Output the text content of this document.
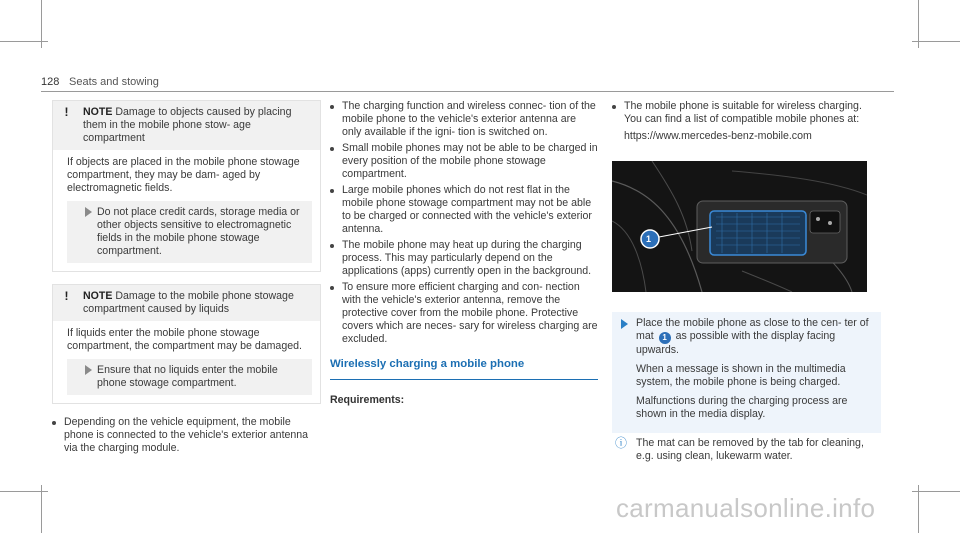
128 Seats and stowing
!	NOTE Damage to objects caused by placing them in the mobile phone stow- age compartment

If objects are placed in the mobile phone stowage compartment, they may be dam- aged by electromagnetic fields.

Do not place credit cards, storage media or other objects sensitive to electromagnetic fields in the mobile phone stowage compartment.
!	NOTE Damage to the mobile phone stowage compartment caused by liquids

If liquids enter the mobile phone stowage compartment, the compartment may be damaged.

Ensure that no liquids enter the mobile phone stowage compartment.
Depending on the vehicle equipment, the mobile phone is connected to the vehicle's exterior antenna via the charging module.
The charging function and wireless connec- tion of the mobile phone to the vehicle's exterior antenna are only available if the igni- tion is switched on.
Small mobile phones may not be able to be charged in every position of the mobile phone stowage compartment.
Large mobile phones which do not rest flat in the mobile phone stowage compartment may not be able to be charged or connected with the vehicle's exterior antenna.
The mobile phone may heat up during the charging process. This may particularly depend on the applications (apps) currently open in the background.
To ensure more efficient charging and con- nection with the vehicle's exterior antenna, remove the protective cover from the mobile phone. Protective covers which are neces- sary for wireless charging are excluded.
Wirelessly charging a mobile phone
Requirements:
The mobile phone is suitable for wireless charging. You can find a list of compatible mobile phones at:
https://www.mercedes-benz-mobile.com
1

Place the mobile phone as close to the cen- ter of mat 1 as possible with the display facing upwards.

When a message is shown in the multimedia system, the mobile phone is being charged.

Malfunctions during the charging process are shown in the media display.

ⓘ The mat can be removed by the tab for cleaning, e.g. using clean, lukewarm water.
carmanualsonline.info
